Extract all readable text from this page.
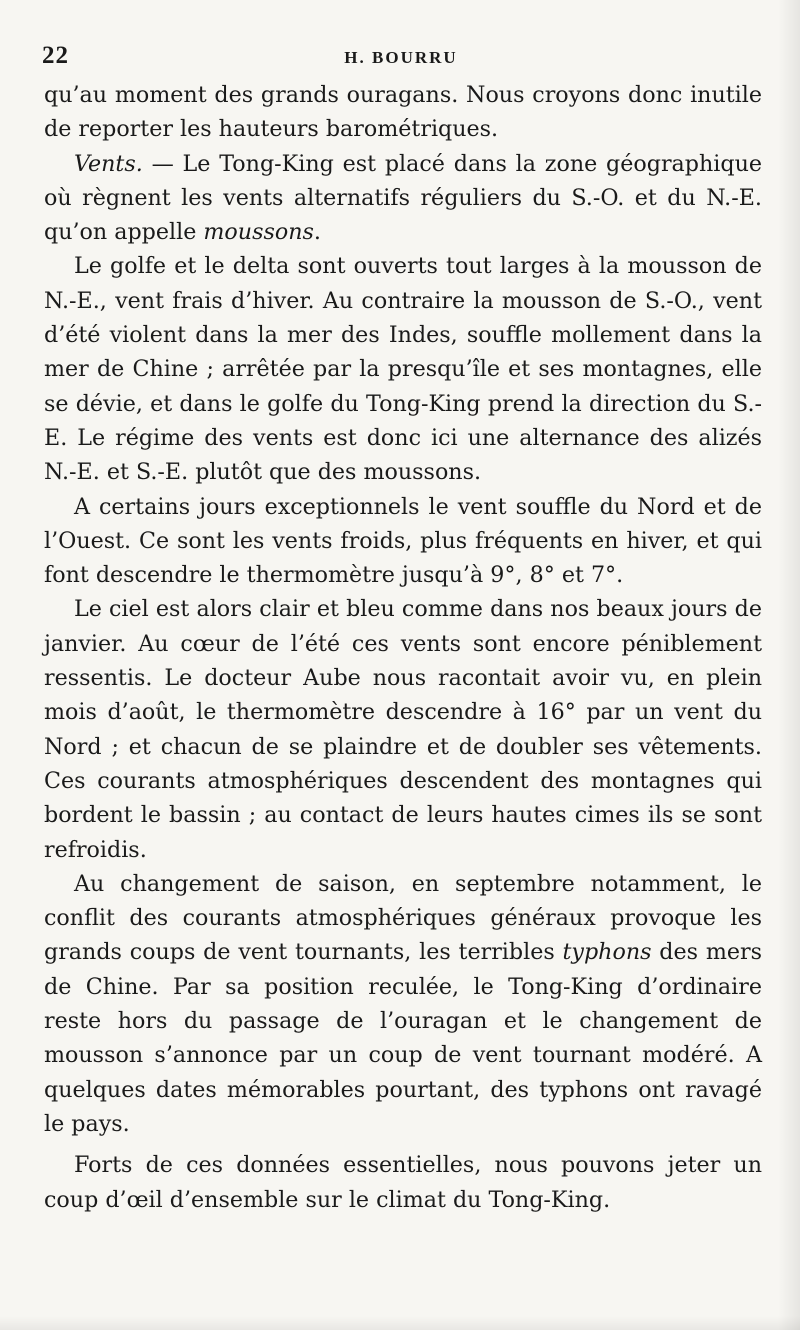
22	H. BOURRU

qu’au moment des grands ouragans. Nous croyons donc inutile de reporter les hauteurs barométriques.

Vents. — Le Tong-King est placé dans la zone géographique où règnent les vents alternatifs réguliers du S.-O. et du N.-E. qu’on appelle moussons.

Le golfe et le delta sont ouverts tout larges à la mousson de N.-E., vent frais d’hiver. Au contraire la mousson de S.-O., vent d’été violent dans la mer des Indes, souffle mollement dans la mer de Chine ; arrêtée par la presqu’île et ses montagnes, elle se dévie, et dans le golfe du Tong-King prend la direction du S.-E. Le régime des vents est donc ici une alternance des alizés N.-E. et S.-E. plutôt que des moussons.

A certains jours exceptionnels le vent souffle du Nord et de l’Ouest. Ce sont les vents froids, plus fréquents en hiver, et qui font descendre le thermomètre jusqu’à 9°, 8° et 7°.

Le ciel est alors clair et bleu comme dans nos beaux jours de janvier. Au cœur de l’été ces vents sont encore péniblement ressentis. Le docteur Aube nous racontait avoir vu, en plein mois d’août, le thermomètre descendre à 16° par un vent du Nord ; et chacun de se plaindre et de doubler ses vêtements. Ces courants atmosphériques descendent des montagnes qui bordent le bassin ; au contact de leurs hautes cimes ils se sont refroidis.

Au changement de saison, en septembre notamment, le conflit des courants atmosphériques généraux provoque les grands coups de vent tournants, les terribles typhons des mers de Chine. Par sa position reculée, le Tong-King d’ordinaire reste hors du passage de l’ouragan et le changement de mousson s’annonce par un coup de vent tournant modéré. A quelques dates mémorables pourtant, des typhons ont ravagé le pays.

Forts de ces données essentielles, nous pouvons jeter un coup d’œil d’ensemble sur le climat du Tong-King.
